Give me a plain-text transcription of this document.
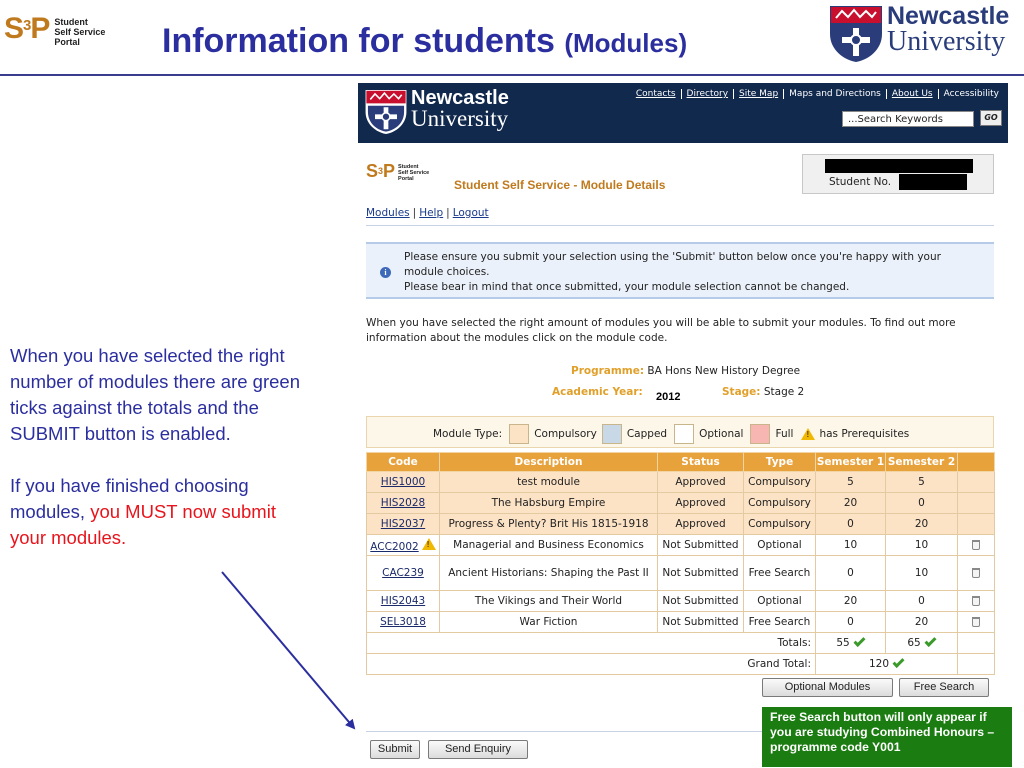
$S^3P$ Student
Self Service
Portal	Information for students (Modules)
Newcastle
University

When you have selected the right number of modules there are green ticks against the totals and the SUBMIT button is enabled.

If you have finished choosing modules, you MUST now submit your modules.

Newcastle
University
Contacts	Directory	Site Map	Maps and Directions	About Us	Accessibility
...Search Keywords
GO
$S^3P$ Student
Self Service
Portal	Student Self Service - Module Details	Student No.
Modules | Help | Logout
i
Please ensure you submit your selection using the 'Submit' button below once you're happy with your
module choices.
Please bear in mind that once submitted, your module selection cannot be changed.
When you have selected the right amount of modules you will be able to submit your modules. To find out more information about the modules click on the module code.
Programme: BA Hons New History Degree
Academic Year: 2012	Stage: Stage 2
Module Type:	Compulsory	Capped	Optional	Full ! has Prerequisites
Code	Description	Status	Type	Semester 1	Semester 2	
HIS1000	test module	Approved	Compulsory	5	5	
HIS2028	The Habsburg Empire	Approved	Compulsory	20	0	
HIS2037	Progress & Plenty? Brit His 1815-1918	Approved	Compulsory	0	20	
ACC2002!	Managerial and Business Economics	Not Submitted	Optional	10	10	
CAC239	Ancient Historians: Shaping the Past II	Not Submitted	Free Search	0	10	
HIS2043	The Vikings and Their World	Not Submitted	Optional	20	0	
SEL3018	War Fiction	Not Submitted	Free Search	0	20	
Totals:				55	65	
Grand Total:				120		
Optional Modules	Free Search
Submit	Send Enquiry
Free Search button will only appear if you are studying Combined Honours – programme code Y001
